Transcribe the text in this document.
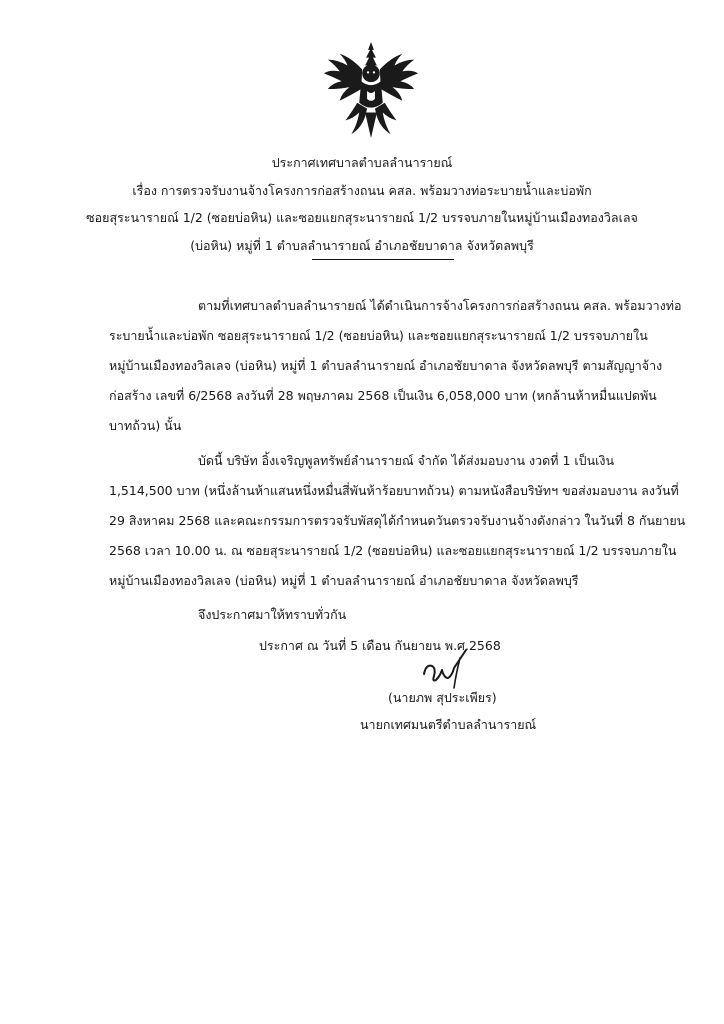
ประกาศเทศบาลตำบลลำนารายณ์
เรื่อง การตรวจรับงานจ้างโครงการก่อสร้างถนน คสล. พร้อมวางท่อระบายน้ำและบ่อพัก
ซอยสุระนารายณ์ 1/2 (ซอยบ่อหิน) และซอยแยกสุระนารายณ์ 1/2 บรรจบภายในหมู่บ้านเมืองทองวิลเลจ
(บ่อหิน) หมู่ที่ 1 ตำบลลำนารายณ์ อำเภอชัยบาดาล จังหวัดลพบุรี
ตามที่เทศบาลตำบลลำนารายณ์ ได้ดำเนินการจ้างโครงการก่อสร้างถนน คสล. พร้อมวางท่อ
ระบายน้ำและบ่อพัก ซอยสุระนารายณ์ 1/2 (ซอยบ่อหิน) และซอยแยกสุระนารายณ์ 1/2 บรรจบภายใน
หมู่บ้านเมืองทองวิลเลจ (บ่อหิน) หมู่ที่ 1 ตำบลลำนารายณ์ อำเภอชัยบาดาล จังหวัดลพบุรี ตามสัญญาจ้าง
ก่อสร้าง เลขที่ 6/2568 ลงวันที่ 28 พฤษภาคม 2568 เป็นเงิน 6,058,000 บาท (หกล้านห้าหมื่นแปดพัน
บาทถ้วน) นั้น
บัดนี้ บริษัท อิ้งเจริญพูลทรัพย์ลำนารายณ์ จำกัด ได้ส่งมอบงาน งวดที่ 1 เป็นเงิน
1,514,500 บาท (หนึ่งล้านห้าแสนหนึ่งหมื่นสี่พันห้าร้อยบาทถ้วน) ตามหนังสือบริษัทฯ ขอส่งมอบงาน ลงวันที่
29 สิงหาคม 2568 และคณะกรรมการตรวจรับพัสดุได้กำหนดวันตรวจรับงานจ้างดังกล่าว ในวันที่ 8 กันยายน
2568 เวลา 10.00 น. ณ ซอยสุระนารายณ์ 1/2 (ซอยบ่อหิน) และซอยแยกสุระนารายณ์ 1/2 บรรจบภายใน
หมู่บ้านเมืองทองวิลเลจ (บ่อหิน) หมู่ที่ 1 ตำบลลำนารายณ์ อำเภอชัยบาดาล จังหวัดลพบุรี
จึงประกาศมาให้ทราบทั่วกัน
ประกาศ ณ วันที่ 5 เดือน กันยายน พ.ศ.2568
(นายภพ สุประเพียร)
นายกเทศมนตรีตำบลลำนารายณ์
